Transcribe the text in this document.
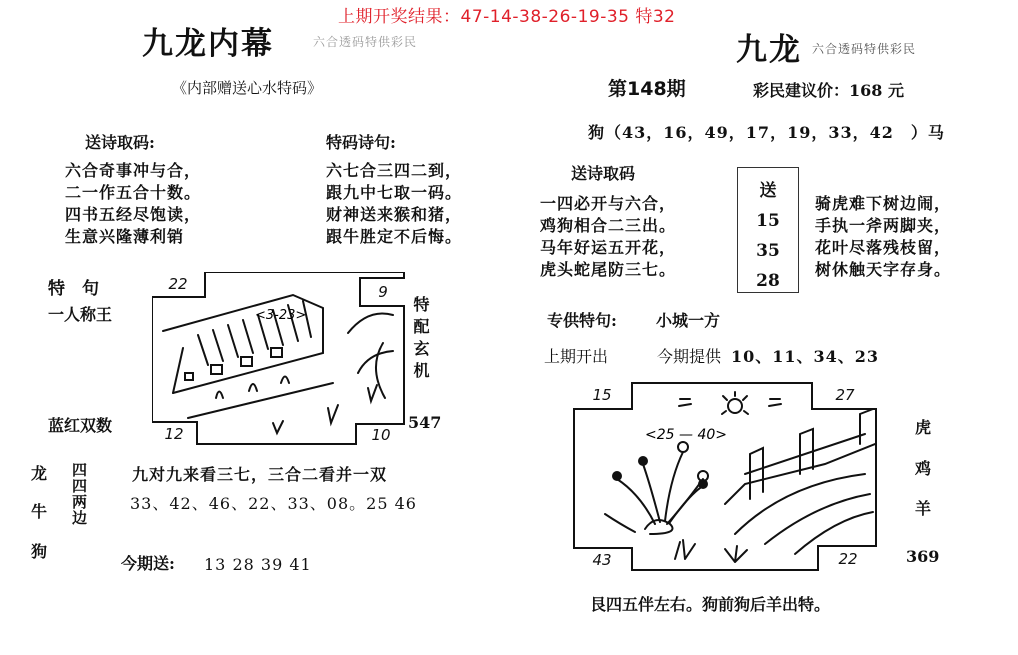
上期开奖结果：47-14-38-26-19-35 特32
九龙内幕	六合透码特供彩民
《内部赠送心水特码》
送诗取码:
六合奇事冲与合，
二一作五合十数。
四书五经尽饱读，
生意兴隆薄利销
特码诗句:
六七合三四二到，
跟九中七取一码。
财神送来猴和猪，
跟牛胜定不后悔。
特　句
一人称王
蓝红双数
<3-23>
22	9
12	10
特配玄机
547
龙
牛
狗
四四两边	九对九来看三七，三合二看并一双
33、42、46、22、33、08。25 46
今期送: 13 28 39 41
九龙 六合透码特供彩民
第148期	彩民建议价：168 元
狗（43，16，49，17，19，33，42　）马
送诗取码
一四必开与六合，
鸡狗相合二三出。
马年好运五开花，
虎头蛇尾防三七。
送
15
35
28
骑虎难下树边闹，
手执一斧两脚夹，
花叶尽落残枝留，
树休触天字存身。
专供特句: 小城一方
上期开出	今期提供 10、11、34、23
<25 — 40>
15	27
43	22
虎
鸡
羊
369
艮四五伴左右。狗前狗后羊出特。
